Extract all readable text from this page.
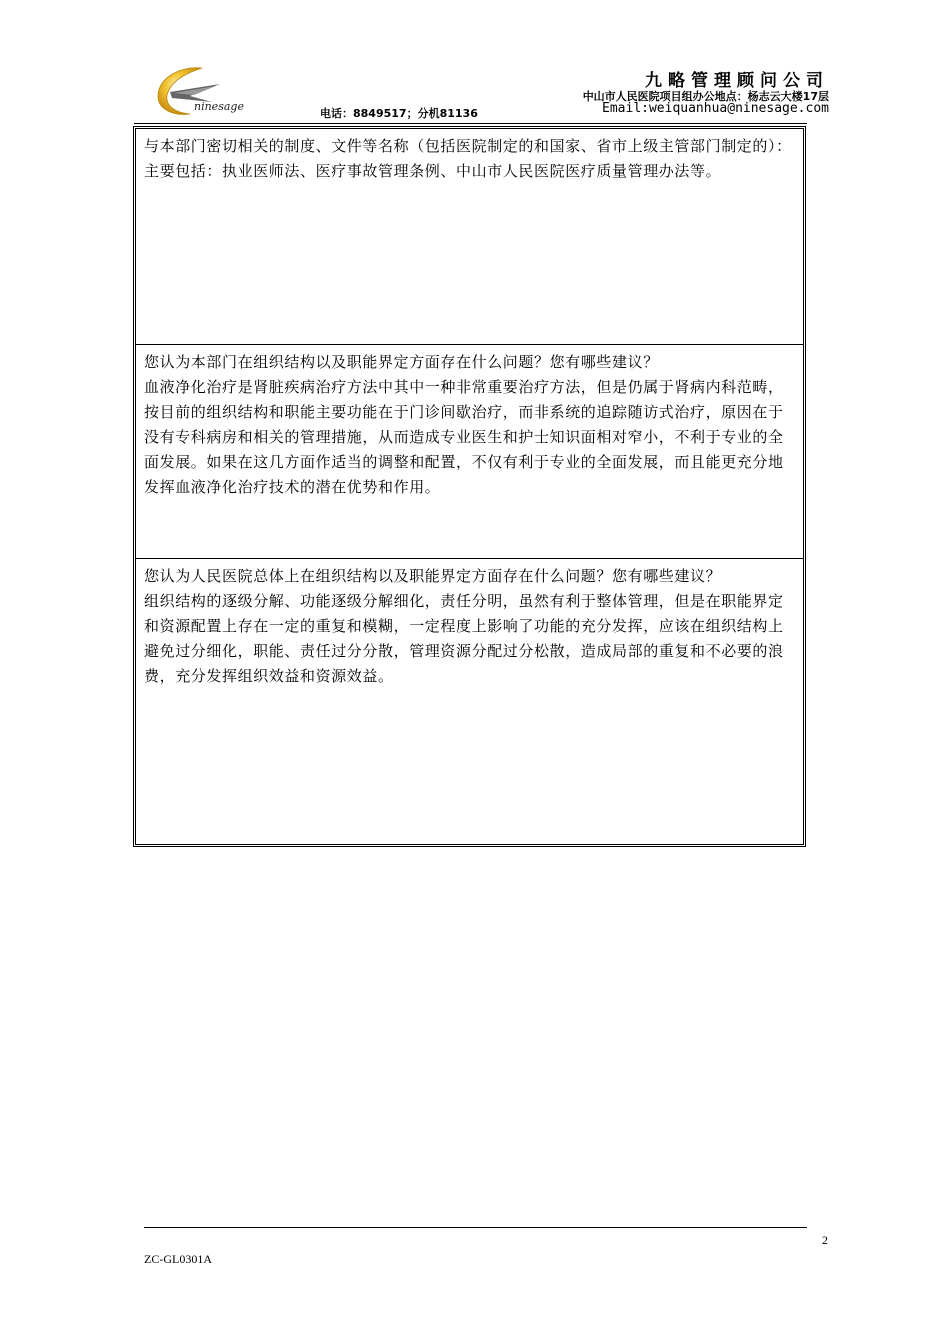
ninesage
九略管理顾问公司
中山市人民医院项目组办公地点：杨志云大楼17层
电话：8849517；分机81136	Email:weiquanhua@ninesage.com

与本部门密切相关的制度、文件等名称（包括医院制定的和国家、省市上级主管部门制定的）：

主要包括：执业医师法、医疗事故管理条例、中山市人民医院医疗质量管理办法等。

您认为本部门在组织结构以及职能界定方面存在什么问题？您有哪些建议？

血液净化治疗是肾脏疾病治疗方法中其中一种非常重要治疗方法，但是仍属于肾病内科范畴，按目前的组织结构和职能主要功能在于门诊间歇治疗，而非系统的追踪随访式治疗，原因在于没有专科病房和相关的管理措施，从而造成专业医生和护士知识面相对窄小，不利于专业的全面发展。如果在这几方面作适当的调整和配置，不仅有利于专业的全面发展，而且能更充分地发挥血液净化治疗技术的潜在优势和作用。

您认为人民医院总体上在组织结构以及职能界定方面存在什么问题？您有哪些建议？

组织结构的逐级分解、功能逐级分解细化，责任分明，虽然有利于整体管理，但是在职能界定和资源配置上存在一定的重复和模糊，一定程度上影响了功能的充分发挥，应该在组织结构上避免过分细化，职能、责任过分分散，管理资源分配过分松散，造成局部的重复和不必要的浪费，充分发挥组织效益和资源效益。

2
ZC-GL0301A
